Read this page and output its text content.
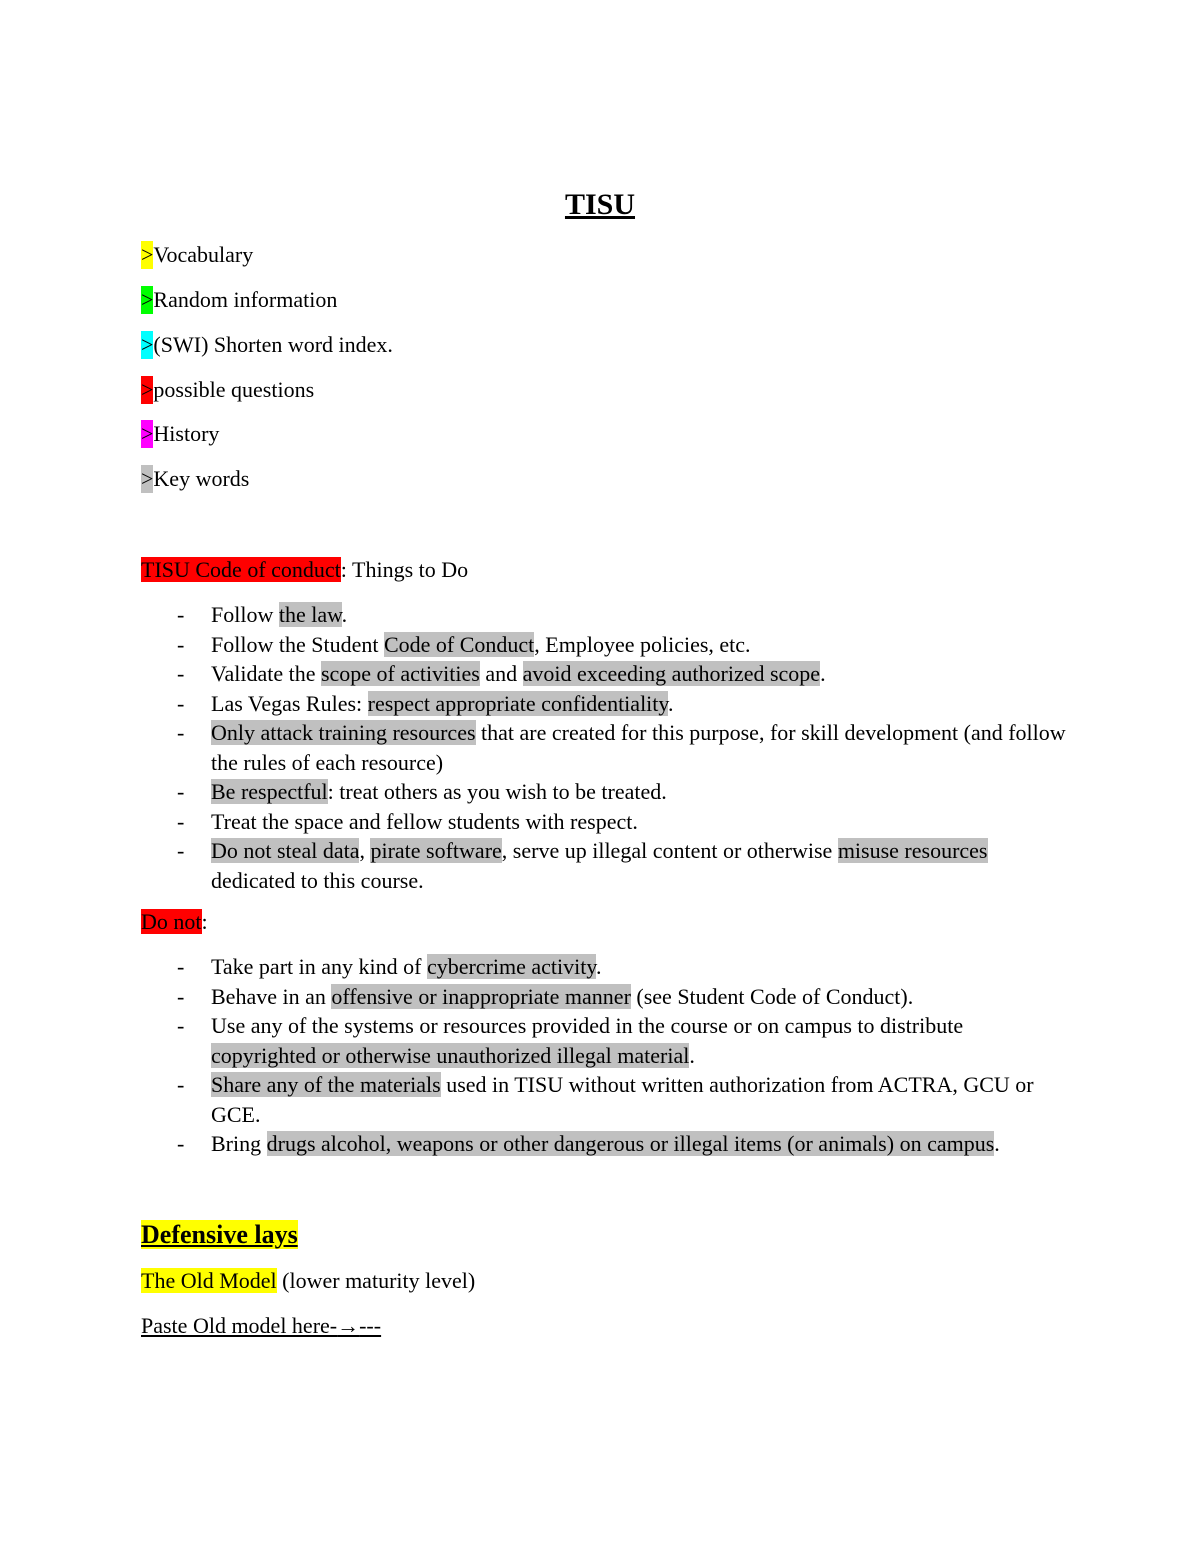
TISU
>Vocabulary
>Random information
>(SWI) Shorten word index.
>possible questions
>History
>Key words
TISU Code of conduct: Things to Do
- Follow the law.
- Follow the Student Code of Conduct, Employee policies, etc.
- Validate the scope of activities and avoid exceeding authorized scope.
- Las Vegas Rules: respect appropriate confidentiality.
- Only attack training resources that are created for this purpose, for skill development (and follow the rules of each resource)
- Be respectful: treat others as you wish to be treated.
- Treat the space and fellow students with respect.
- Do not steal data, pirate software, serve up illegal content or otherwise misuse resources dedicated to this course.
Do not:
- Take part in any kind of cybercrime activity.
- Behave in an offensive or inappropriate manner (see Student Code of Conduct).
- Use any of the systems or resources provided in the course or on campus to distribute copyrighted or otherwise unauthorized illegal material.
- Share any of the materials used in TISU without written authorization from ACTRA, GCU or GCE.
- Bring drugs alcohol, weapons or other dangerous or illegal items (or animals) on campus.
Defensive lays
The Old Model (lower maturity level)
Paste Old model here-→---
